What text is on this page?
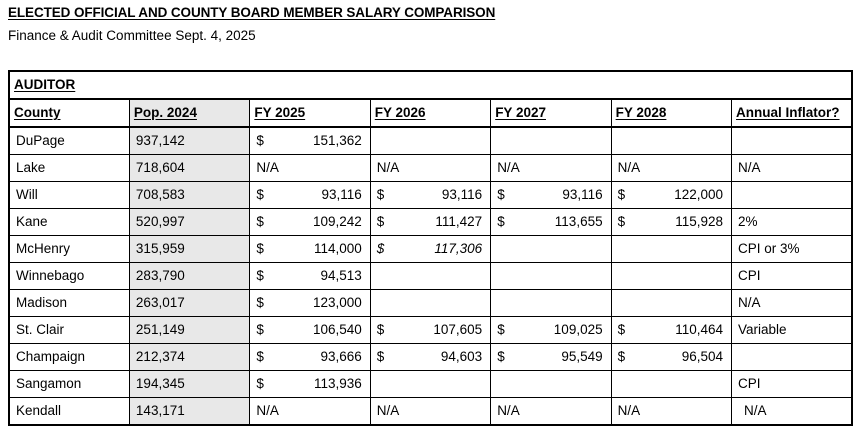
ELECTED OFFICIAL AND COUNTY BOARD MEMBER SALARY COMPARISON
Finance & Audit Committee Sept. 4, 2025
AUDITOR						
County	Pop. 2024	FY 2025	FY 2026	FY 2027	FY 2028	Annual Inflator?
DuPage	937,142	$ 151,362				

Lake	718,604	N/A	N/A	N/A	N/A	N/A
Will	708,583	$ 93,116	$ 93,116	$ 93,116	$ 122,000	

Kane	520,997	$ 109,242	$ 111,427	$ 113,655	$ 115,928	2%
McHenry	315,959	$ 114,000	$ 117,306			CPI or 3%
Winnebago	283,790	$ 94,513				CPI
Madison	263,017	$ 123,000				N/A
St. Clair	251,149	$ 106,540	$ 107,605	$ 109,025	$ 110,464	Variable
Champaign	212,374	$ 93,666	$ 94,603	$ 95,549	$ 96,504	

Sangamon	194,345	$ 113,936				CPI
Kendall	143,171	N/A	N/A	N/A	N/A	N/A
